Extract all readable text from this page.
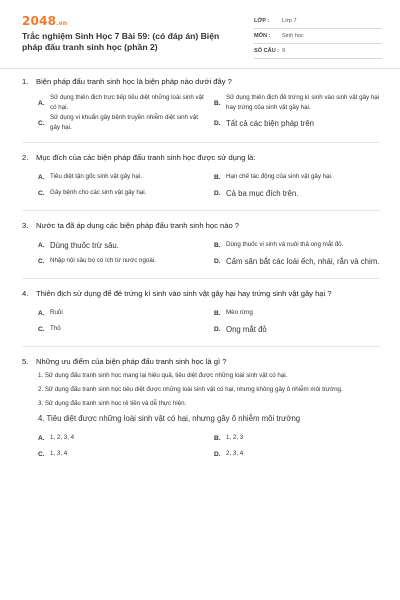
2048.vn
Trắc nghiệm Sinh Học 7 Bài 59: (có đáp án) Biện pháp đấu tranh sinh học (phần 2)
LỚP :	Lớp 7
MÔN :	Sinh học
SỐ CÂU : 9
1.	Biện pháp đấu tranh sinh học là biện pháp nào dưới đây ?
A.
Sử dụng thiên địch trực tiếp tiêu diệt những loài sinh vật có hại.
B.
Sử dụng thiên địch đẻ trứng kí sinh vào sinh vật gây hại hay trứng của sinh vật gây hại.
C.
Sử dụng vi khuẩn gây bệnh truyền nhiễm diệt sinh vật gây hại.
D. Tất cả các biện pháp trên
2.	Mục đích của các biện pháp đấu tranh sinh học được sử dụng là:
A. Tiêu diệt tận gốc sinh vật gây hại.	B. Hạn chế tác động của sinh vật gây hại.
C. Gây bệnh cho các sinh vật gây hại.	D. Cả ba mục đích trên.
3.	Nước ta đã áp dụng các biện pháp đấu tranh sinh học nào ?
A. Dùng thuốc trừ sâu.	B. Dùng thuốc vi sinh và nuôi thả ong mắt đỏ.
C. Nhập nội sâu bọ có ích từ nước ngoài.	D. Cấm săn bắt các loài ếch, nhái, rắn và chim.
4.	Thiên địch sử dụng để đẻ trứng kí sinh vào sinh vật gây hại hay trứng sinh vật gây hại ?
A. Ruồi	B. Mèo rừng
C. Thỏ	D. Ong mắt đỏ
5.	Những ưu điểm của biện pháp đấu tranh sinh học là gì ?
1. Sử dụng đấu tranh sinh học mang lại hiệu quả, tiêu diệt được những loài sinh vật có hại.
2. Sử dụng đấu tranh sinh học tiêu diệt được những loài sinh vật có hại, nhưng không gây ô nhiễm môi trường.
3. Sử dụng đấu tranh sinh học rẻ tiền và dễ thực hiện.
4. Tiêu diệt được những loài sinh vật có hại, nhưng gây ô nhiễm môi trường
A. 1, 2, 3, 4	B. 1, 2, 3
C. 1, 3, 4	D. 2, 3, 4
